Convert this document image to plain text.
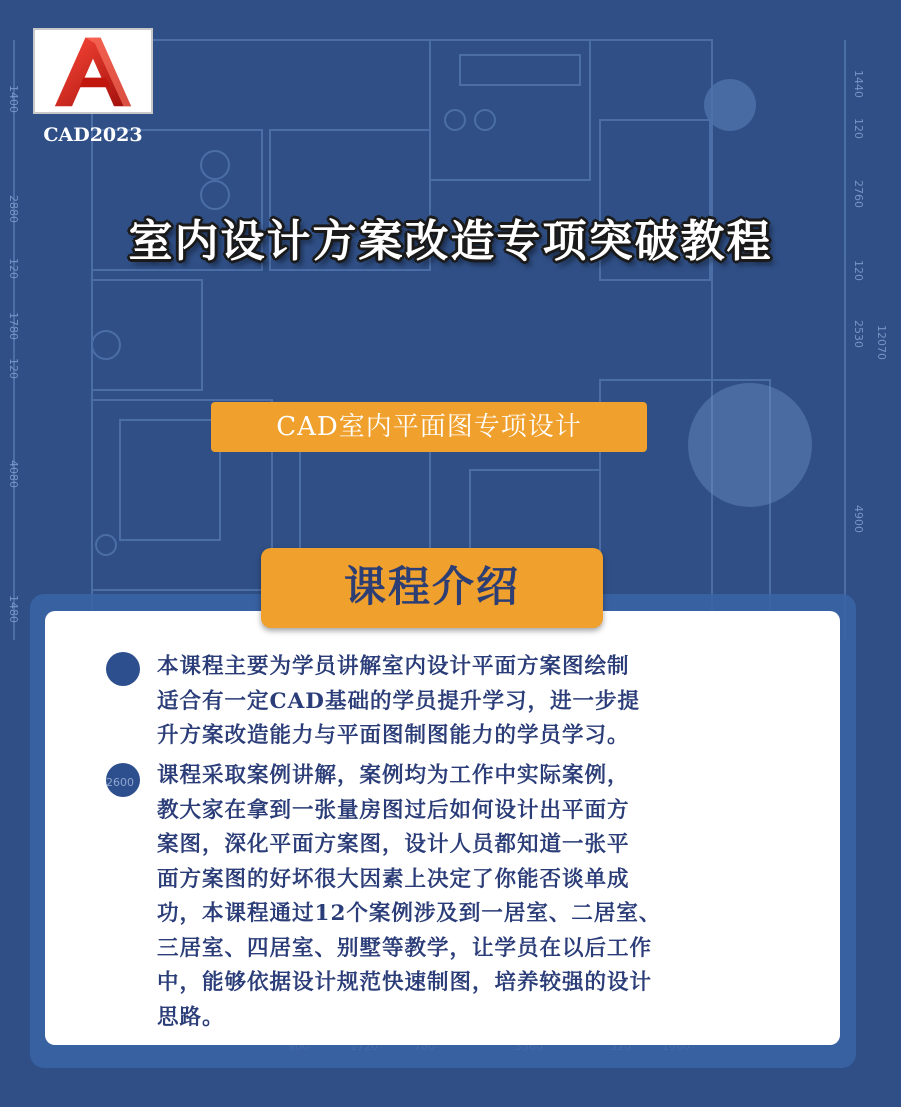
1400
2880
120
1780
120
4080
1480
1440
120
2760
120
2530 12070
4900
CAD2023
室内设计方案改造专项突破教程
CAD室内平面图专项设计
课程介绍
本课程主要为学员讲解室内设计平面方案图绘制
适合有一定CAD基础的学员提升学习，进一步提
升方案改造能力与平面图制图能力的学员学习。
课程采取案例讲解，案例均为工作中实际案例，
教大家在拿到一张量房图过后如何设计出平面方
案图，深化平面方案图，设计人员都知道一张平
面方案图的好坏很大因素上决定了你能否谈单成
功，本课程通过12个案例涉及到一居室、二居室、
三居室、四居室、别墅等教学，让学员在以后工作
中，能够依据设计规范快速制图，培养较强的设计
思路。
2600
